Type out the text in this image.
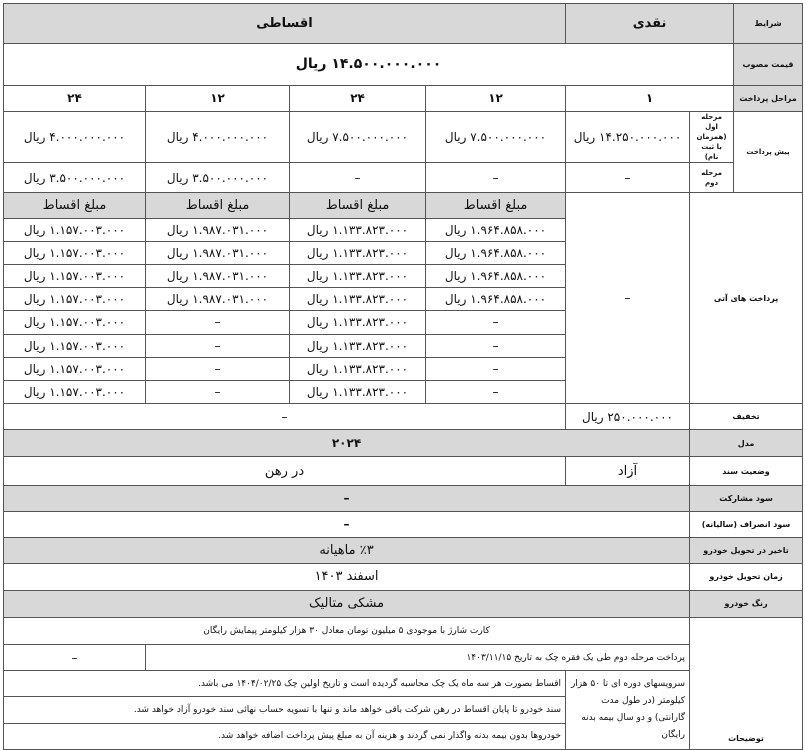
شرایط	نقدی		اقساطی			
قیمت مصوب	۱۴.۵۰۰.۰۰۰.۰۰۰ ریال					
مراحل پرداخت	۱		۱۲	۲۴	۱۲	۲۴
پیش پرداخت	مرحله اول (همزمان با ثبت نام)	۱۴.۲۵۰.۰۰۰.۰۰۰ ریال	۷.۵۰۰.۰۰۰.۰۰۰ ریال	۷.۵۰۰.۰۰۰.۰۰۰ ریال	۴.۰۰۰.۰۰۰.۰۰۰ ریال	۴.۰۰۰.۰۰۰.۰۰۰ ریال
	مرحله دوم	–	–	–	۳.۵۰۰.۰۰۰.۰۰۰ ریال	۳.۵۰۰.۰۰۰.۰۰۰ ریال
پرداخت های آتی		–	مبلغ اقساط	مبلغ اقساط	مبلغ اقساط	مبلغ اقساط
			۱.۹۶۴.۸۵۸.۰۰۰ ریال	۱.۱۳۳.۸۲۳.۰۰۰ ریال	۱.۹۸۷.۰۳۱.۰۰۰ ریال	۱.۱۵۷.۰۰۳.۰۰۰ ریال
			۱.۹۶۴.۸۵۸.۰۰۰ ریال	۱.۱۳۳.۸۲۳.۰۰۰ ریال	۱.۹۸۷.۰۳۱.۰۰۰ ریال	۱.۱۵۷.۰۰۳.۰۰۰ ریال
			۱.۹۶۴.۸۵۸.۰۰۰ ریال	۱.۱۳۳.۸۲۳.۰۰۰ ریال	۱.۹۸۷.۰۳۱.۰۰۰ ریال	۱.۱۵۷.۰۰۳.۰۰۰ ریال
			۱.۹۶۴.۸۵۸.۰۰۰ ریال	۱.۱۳۳.۸۲۳.۰۰۰ ریال	۱.۹۸۷.۰۳۱.۰۰۰ ریال	۱.۱۵۷.۰۰۳.۰۰۰ ریال
			–	۱.۱۳۳.۸۲۳.۰۰۰ ریال	–	۱.۱۵۷.۰۰۳.۰۰۰ ریال
			–	۱.۱۳۳.۸۲۳.۰۰۰ ریال	–	۱.۱۵۷.۰۰۳.۰۰۰ ریال
			–	۱.۱۳۳.۸۲۳.۰۰۰ ریال	–	۱.۱۵۷.۰۰۳.۰۰۰ ریال
			–	۱.۱۳۳.۸۲۳.۰۰۰ ریال	–	۱.۱۵۷.۰۰۳.۰۰۰ ریال
تخفیف		۲۵۰.۰۰۰.۰۰۰ ریال	–			
مدل		۲۰۲۴				
وضعیت سند		آزاد	در رهن			
سود مشارکت		–				
سود انصراف (سالیانه)		–				
تاخیر در تحویل خودرو		٪۳ ماهیانه				
زمان تحویل خودرو		اسفند ۱۴۰۳				
رنگ خودرو		مشکی متالیک				
توضیحات		کارت شارژ با موجودی ۵ میلیون تومان معادل ۳۰ هزار کیلومتر پیمایش رایگان				
		پرداخت مرحله دوم طی یک فقره چک به تاریخ ۱۴۰۳/۱۱/۱۵				–
		سرویسهای دوره ای تا ۵۰ هزار کیلومتر (در طول مدت گارانتی) و دو سال بیمه بدنه رایگان	اقساط بصورت هر سه ماه یک چک محاسبه گردیده است و تاریخ اولین چک ۱۴۰۴/۰۲/۲۵ می باشد.			
			سند خودرو تا پایان اقساط در رهن شرکت باقی خواهد ماند و تنها با تسویه حساب نهائی سند خودرو آزاد خواهد شد.			
			خودروها بدون بیمه بدنه واگذار نمی گردند و هزینه آن به مبلغ پیش پرداخت اضافه خواهد شد.			
